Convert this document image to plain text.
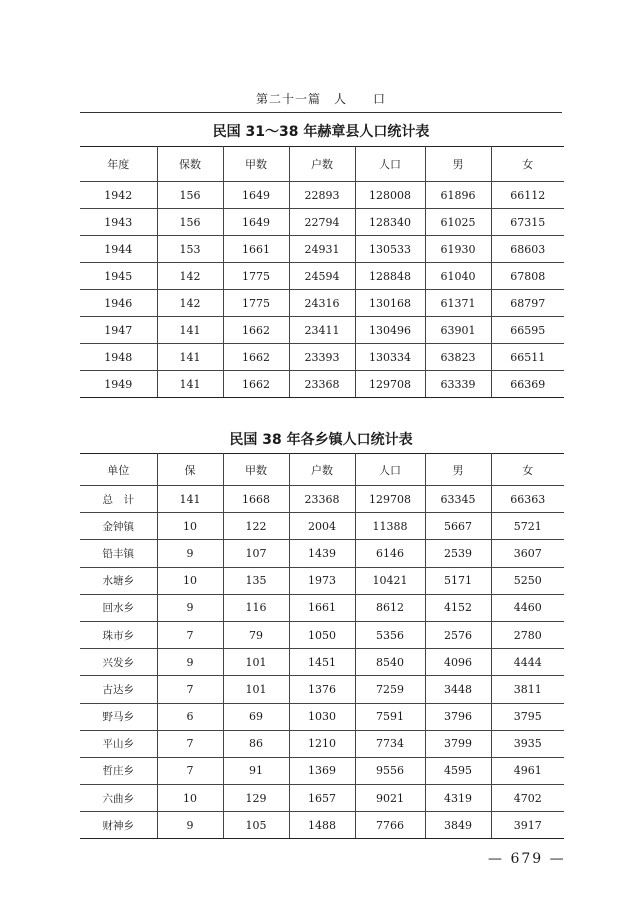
第二十一篇　人　　口
民国 31～38 年赫章县人口统计表
年度	保数	甲数	户数	人口	男	女
1942	156	1649	22893	128008	61896	66112
1943	156	1649	22794	128340	61025	67315
1944	153	1661	24931	130533	61930	68603
1945	142	1775	24594	128848	61040	67808
1946	142	1775	24316	130168	61371	68797
1947	141	1662	23411	130496	63901	66595
1948	141	1662	23393	130334	63823	66511
1949	141	1662	23368	129708	63339	66369
民国 38 年各乡镇人口统计表
单位	保	甲数	户数	人口	男	女
总　计	141	1668	23368	129708	63345	66363
金钟镇	10	122	2004	11388	5667	5721
铅丰镇	9	107	1439	6146	2539	3607
水塘乡	10	135	1973	10421	5171	5250
回水乡	9	116	1661	8612	4152	4460
珠市乡	7	79	1050	5356	2576	2780
兴发乡	9	101	1451	8540	4096	4444
古达乡	7	101	1376	7259	3448	3811
野马乡	6	69	1030	7591	3796	3795
平山乡	7	86	1210	7734	3799	3935
哲庄乡	7	91	1369	9556	4595	4961
六曲乡	10	129	1657	9021	4319	4702
财神乡	9	105	1488	7766	3849	3917
— 679 —
